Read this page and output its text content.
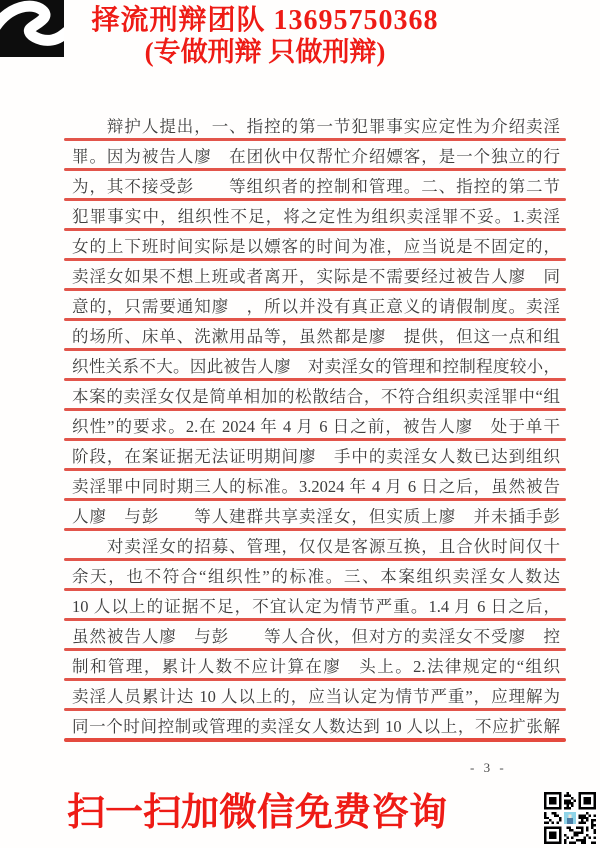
择流刑辩团队 13695750368
(专做刑辩 只做刑辩)
　　辩护人提出，一、指控的第一节犯罪事实应定性为介绍卖淫
罪。因为被告人廖　在团伙中仅帮忙介绍嫖客，是一个独立的行
为，其不接受彭　　等组织者的控制和管理。二、指控的第二节
犯罪事实中，组织性不足，将之定性为组织卖淫罪不妥。1.卖淫
女的上下班时间实际是以嫖客的时间为准，应当说是不固定的，
卖淫女如果不想上班或者离开，实际是不需要经过被告人廖　同
意的，只需要通知廖　，所以并没有真正意义的请假制度。卖淫
的场所、床单、洗漱用品等，虽然都是廖　提供，但这一点和组
织性关系不大。因此被告人廖　对卖淫女的管理和控制程度较小，
本案的卖淫女仅是简单相加的松散结合，不符合组织卖淫罪中“组
织性”的要求。2.在 2024 年 4 月 6 日之前，被告人廖　处于单干
阶段，在案证据无法证明期间廖　手中的卖淫女人数已达到组织
卖淫罪中同时期三人的标准。3.2024 年 4 月 6 日之后，虽然被告
人廖　与彭　　等人建群共享卖淫女，但实质上廖　并未插手彭
　　对卖淫女的招募、管理，仅仅是客源互换，且合伙时间仅十
余天，也不符合“组织性”的标准。三、本案组织卖淫女人数达
10 人以上的证据不足，不宜认定为情节严重。1.4 月 6 日之后，
虽然被告人廖　与彭　　等人合伙，但对方的卖淫女不受廖　控
制和管理，累计人数不应计算在廖　头上。2.法律规定的“组织
卖淫人员累计达 10 人以上的，应当认定为情节严重”，应理解为
同一个时间控制或管理的卖淫女人数达到 10 人以上，不应扩张解
- 3 -
扫一扫加微信免费咨询
